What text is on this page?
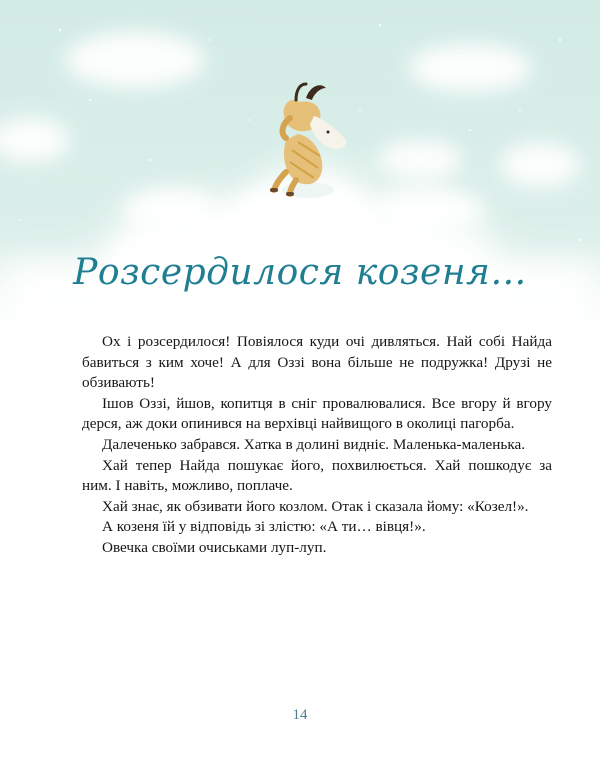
Розсердилося козеня…

Ох і розсердилося! Повіялося куди очі дивляться. Най собі Найда бавиться з ким хоче! А для Оззі вона більше не подружка! Друзі не обзивають!

Ішов Оззі, йшов, копитця в сніг провалювалися. Все вгору й вгору дерся, аж доки опинився на верхівці найвищого в околиці пагорба.

Далеченько забрався. Хатка в долині видніє. Маленька-маленька.

Хай тепер Найда пошукає його, похвилюється. Хай пошкодує за ним. І навіть, можливо, поплаче.

Хай знає, як обзивати його козлом. Отак і сказала йому: «Козел!».

А козеня їй у відповідь зі злістю: «А ти… вівця!».

Овечка своїми очиськами луп-луп.

14
